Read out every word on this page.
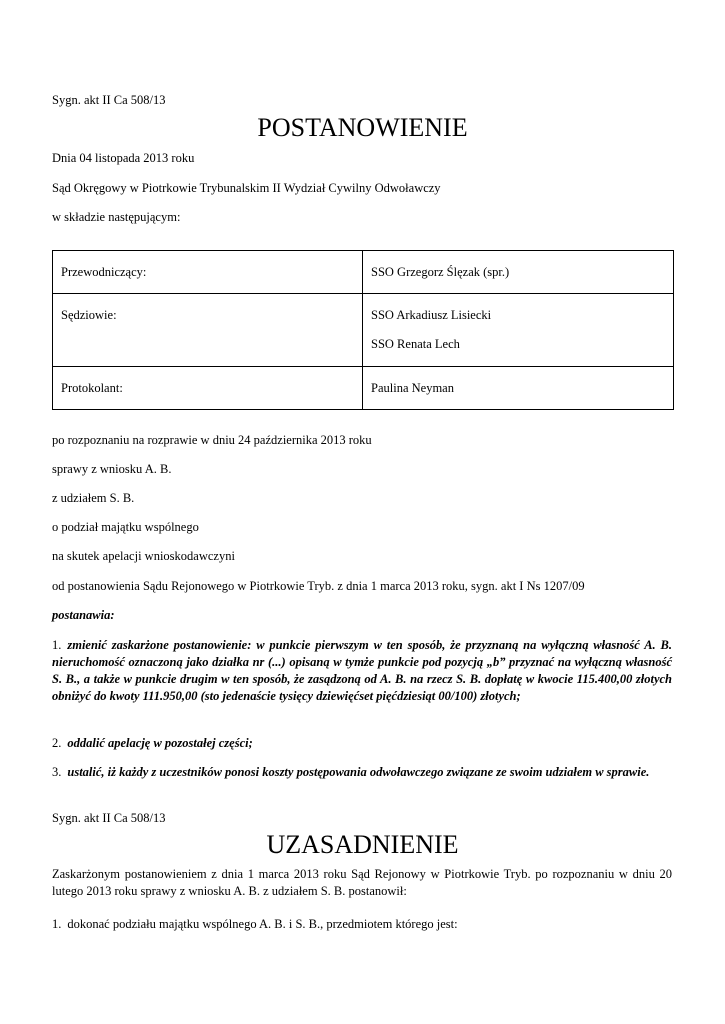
Sygn. akt II Ca 508/13
POSTANOWIENIE
Dnia 04 listopada 2013 roku
Sąd Okręgowy w Piotrkowie Trybunalskim II Wydział Cywilny Odwoławczy
w składzie następującym:
Przewodniczący:	SSO Grzegorz Ślęzak (spr.)

Sędziowie:	SSO Arkadiusz Lisiecki
SSO Renata Lech

Protokolant:	Paulina Neyman
po rozpoznaniu na rozprawie w dniu 24 października 2013 roku
sprawy z wniosku A. B.
z udziałem S. B.
o podział majątku wspólnego
na skutek apelacji wnioskodawczyni
od postanowienia Sądu Rejonowego w Piotrkowie Tryb. z dnia 1 marca 2013 roku, sygn. akt I Ns 1207/09
postanawia:
1. zmienić zaskarżone postanowienie: w punkcie pierwszym w ten sposób, że przyznaną na wyłączną własność A. B. nieruchomość oznaczoną jako działka nr (...) opisaną w tymże punkcie pod pozycją „b” przyznać na wyłączną własność S. B., a także w punkcie drugim w ten sposób, że zasądzoną od A. B. na rzecz S. B. dopłatę w kwocie 115.400,00 złotych obniżyć do kwoty 111.950,00 (sto jedenaście tysięcy dziewięćset pięćdziesiąt 00/100) złotych;
2. oddalić apelację w pozostałej części;
3. ustalić, iż każdy z uczestników ponosi koszty postępowania odwoławczego związane ze swoim udziałem w sprawie.
Sygn. akt II Ca 508/13
UZASADNIENIE
Zaskarżonym postanowieniem z dnia 1 marca 2013 roku Sąd Rejonowy w Piotrkowie Tryb. po rozpoznaniu w dniu 20 lutego 2013 roku sprawy z wniosku A. B. z udziałem S. B. postanowił:
1. dokonać podziału majątku wspólnego A. B. i S. B., przedmiotem którego jest:
